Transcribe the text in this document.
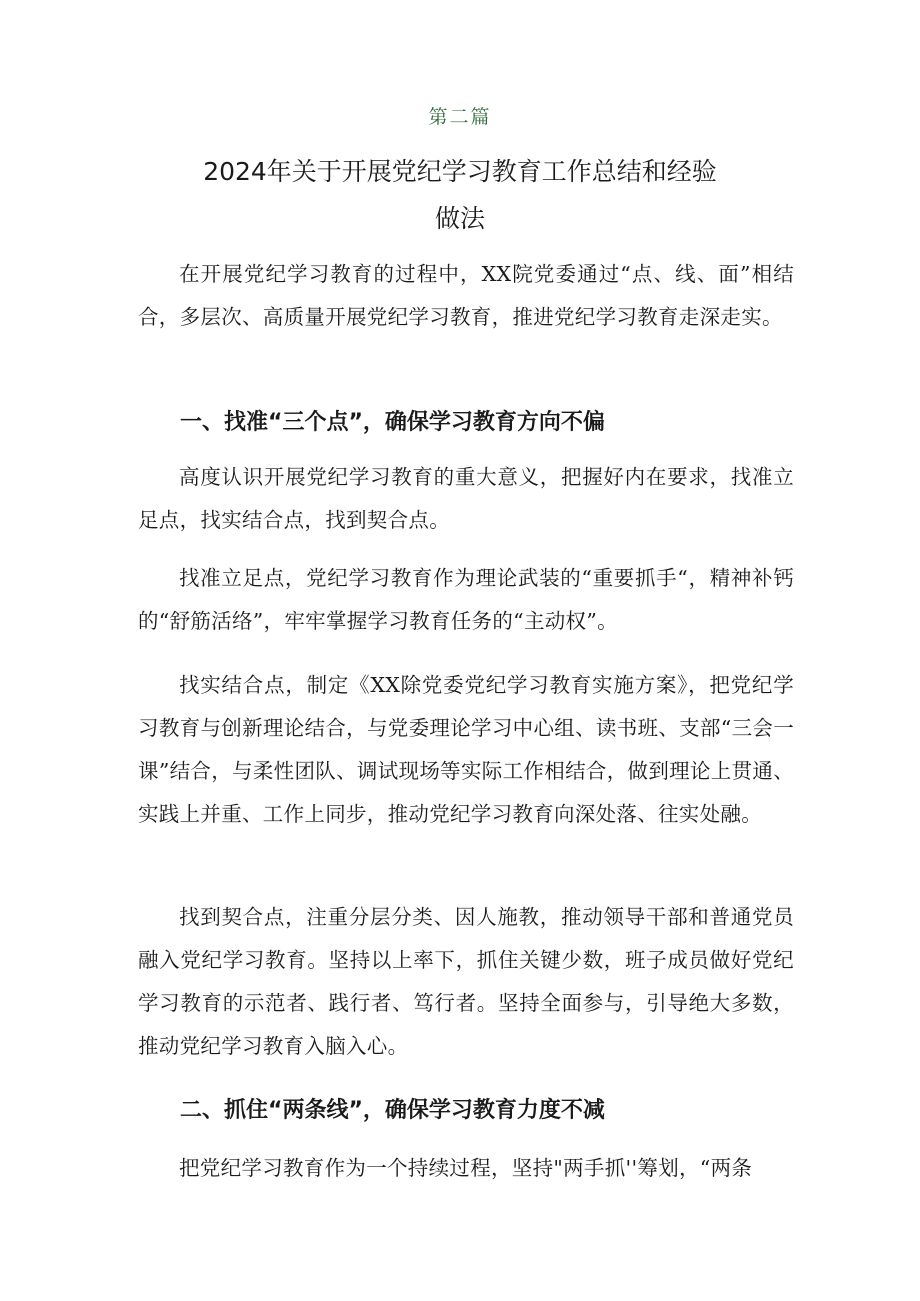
第二篇
2024年关于开展党纪学习教育工作总结和经验
做法

在开展党纪学习教育的过程中，XX院党委通过“点、线、面”相结合，多层次、高质量开展党纪学习教育，推进党纪学习教育走深走实。

一、找准“三个点”，确保学习教育方向不偏

高度认识开展党纪学习教育的重大意义，把握好内在要求，找准立足点，找实结合点，找到契合点。

找准立足点，党纪学习教育作为理论武装的“重要抓手“，精神补钙的“舒筋活络”，牢牢掌握学习教育任务的“主动权”。

找实结合点，制定《XX除党委党纪学习教育实施方案》，把党纪学习教育与创新理论结合，与党委理论学习中心组、读书班、支部“三会一课”结合，与柔性团队、调试现场等实际工作相结合，做到理论上贯通、实践上并重、工作上同步，推动党纪学习教育向深处落、往实处融。

找到契合点，注重分层分类、因人施教，推动领导干部和普通党员融入党纪学习教育。坚持以上率下，抓住关键少数，班子成员做好党纪学习教育的示范者、践行者、笃行者。坚持全面参与，引导绝大多数，推动党纪学习教育入脑入心。

二、抓住“两条线”，确保学习教育力度不减

把党纪学习教育作为一个持续过程，坚持"两手抓''筹划，“两条
